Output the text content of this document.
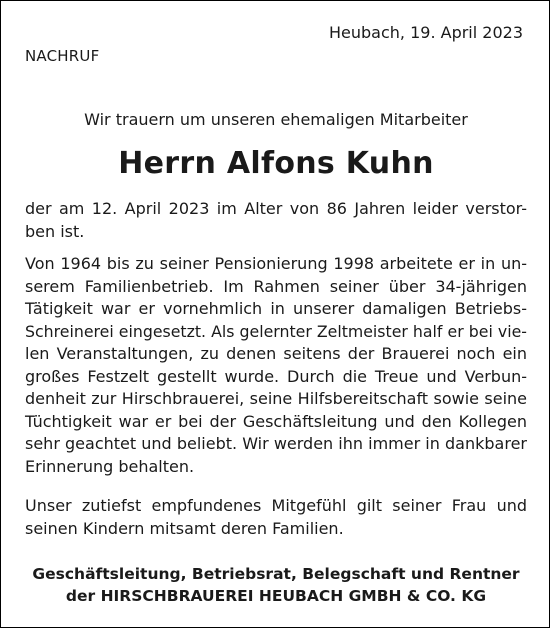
Heubach, 19. April 2023
NACHRUF
Wir trauern um unseren ehemaligen Mitarbeiter
Herrn Alfons Kuhn
der am 12. April 2023 im Alter von 86 Jahren leider verstor-
ben ist.
Von 1964 bis zu seiner Pensionierung 1998 arbeitete er in un-
serem Familienbetrieb. Im Rahmen seiner über 34-jährigen
Tätigkeit war er vornehmlich in unserer damaligen Betriebs-
Schreinerei eingesetzt. Als gelernter Zeltmeister half er bei vie-
len Veranstaltungen, zu denen seitens der Brauerei noch ein
großes Festzelt gestellt wurde. Durch die Treue und Verbun-
denheit zur Hirschbrauerei, seine Hilfsbereitschaft sowie seine
Tüchtigkeit war er bei der Geschäftsleitung und den Kollegen
sehr geachtet und beliebt. Wir werden ihn immer in dankbarer
Erinnerung behalten.
Unser zutiefst empfundenes Mitgefühl gilt seiner Frau und
seinen Kindern mitsamt deren Familien.
Geschäftsleitung, Betriebsrat, Belegschaft und Rentner
der HIRSCHBRAUEREI HEUBACH GMBH & CO. KG
